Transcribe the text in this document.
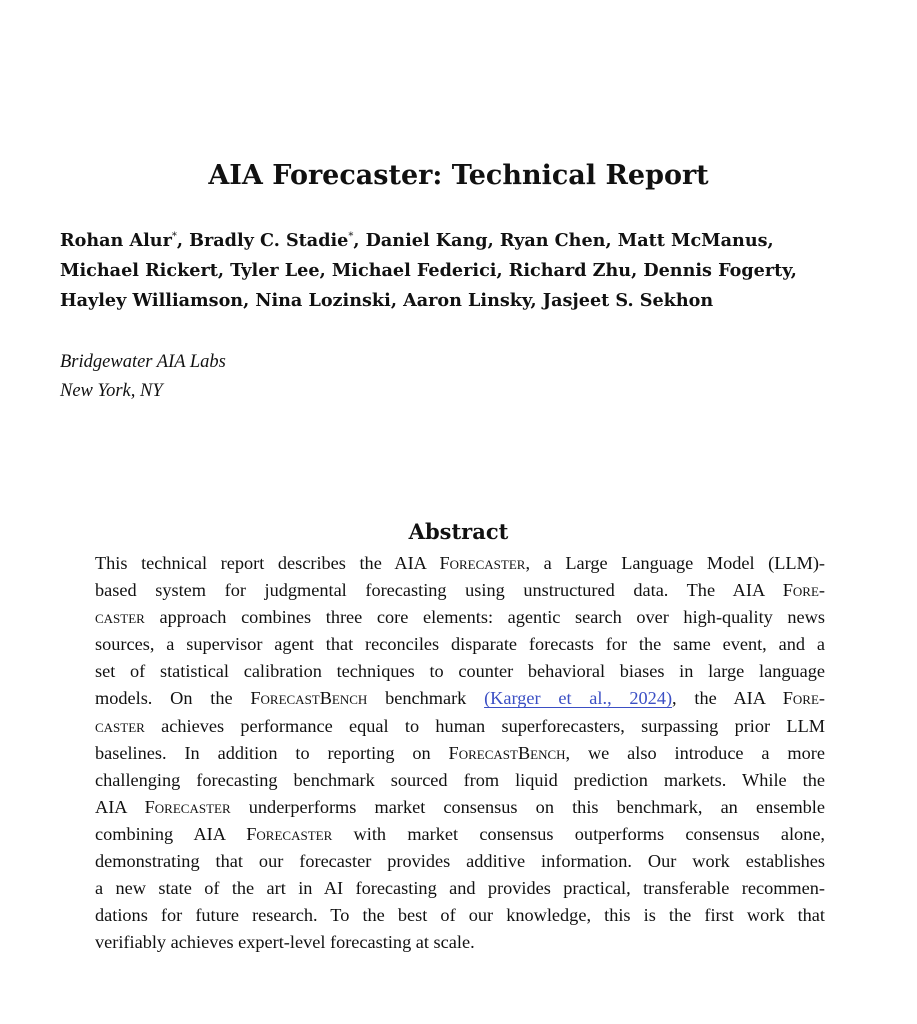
AIA Forecaster: Technical Report
Rohan Alur*, Bradly C. Stadie*, Daniel Kang, Ryan Chen, Matt McManus,
Michael Rickert, Tyler Lee, Michael Federici, Richard Zhu, Dennis Fogerty,
Hayley Williamson, Nina Lozinski, Aaron Linsky, Jasjeet S. Sekhon
Bridgewater AIA Labs
New York, NY
Abstract
This technical report describes the AIA Forecaster, a Large Language Model (LLM)-
based system for judgmental forecasting using unstructured data. The AIA Fore-
caster approach combines three core elements: agentic search over high-quality news
sources, a supervisor agent that reconciles disparate forecasts for the same event, and a
set of statistical calibration techniques to counter behavioral biases in large language
models. On the ForecastBench benchmark (Karger et al., 2024), the AIA Fore-
caster achieves performance equal to human superforecasters, surpassing prior LLM
baselines. In addition to reporting on ForecastBench, we also introduce a more
challenging forecasting benchmark sourced from liquid prediction markets. While the
AIA Forecaster underperforms market consensus on this benchmark, an ensemble
combining AIA Forecaster with market consensus outperforms consensus alone,
demonstrating that our forecaster provides additive information. Our work establishes
a new state of the art in AI forecasting and provides practical, transferable recommen-
dations for future research. To the best of our knowledge, this is the first work that
verifiably achieves expert-level forecasting at scale.
